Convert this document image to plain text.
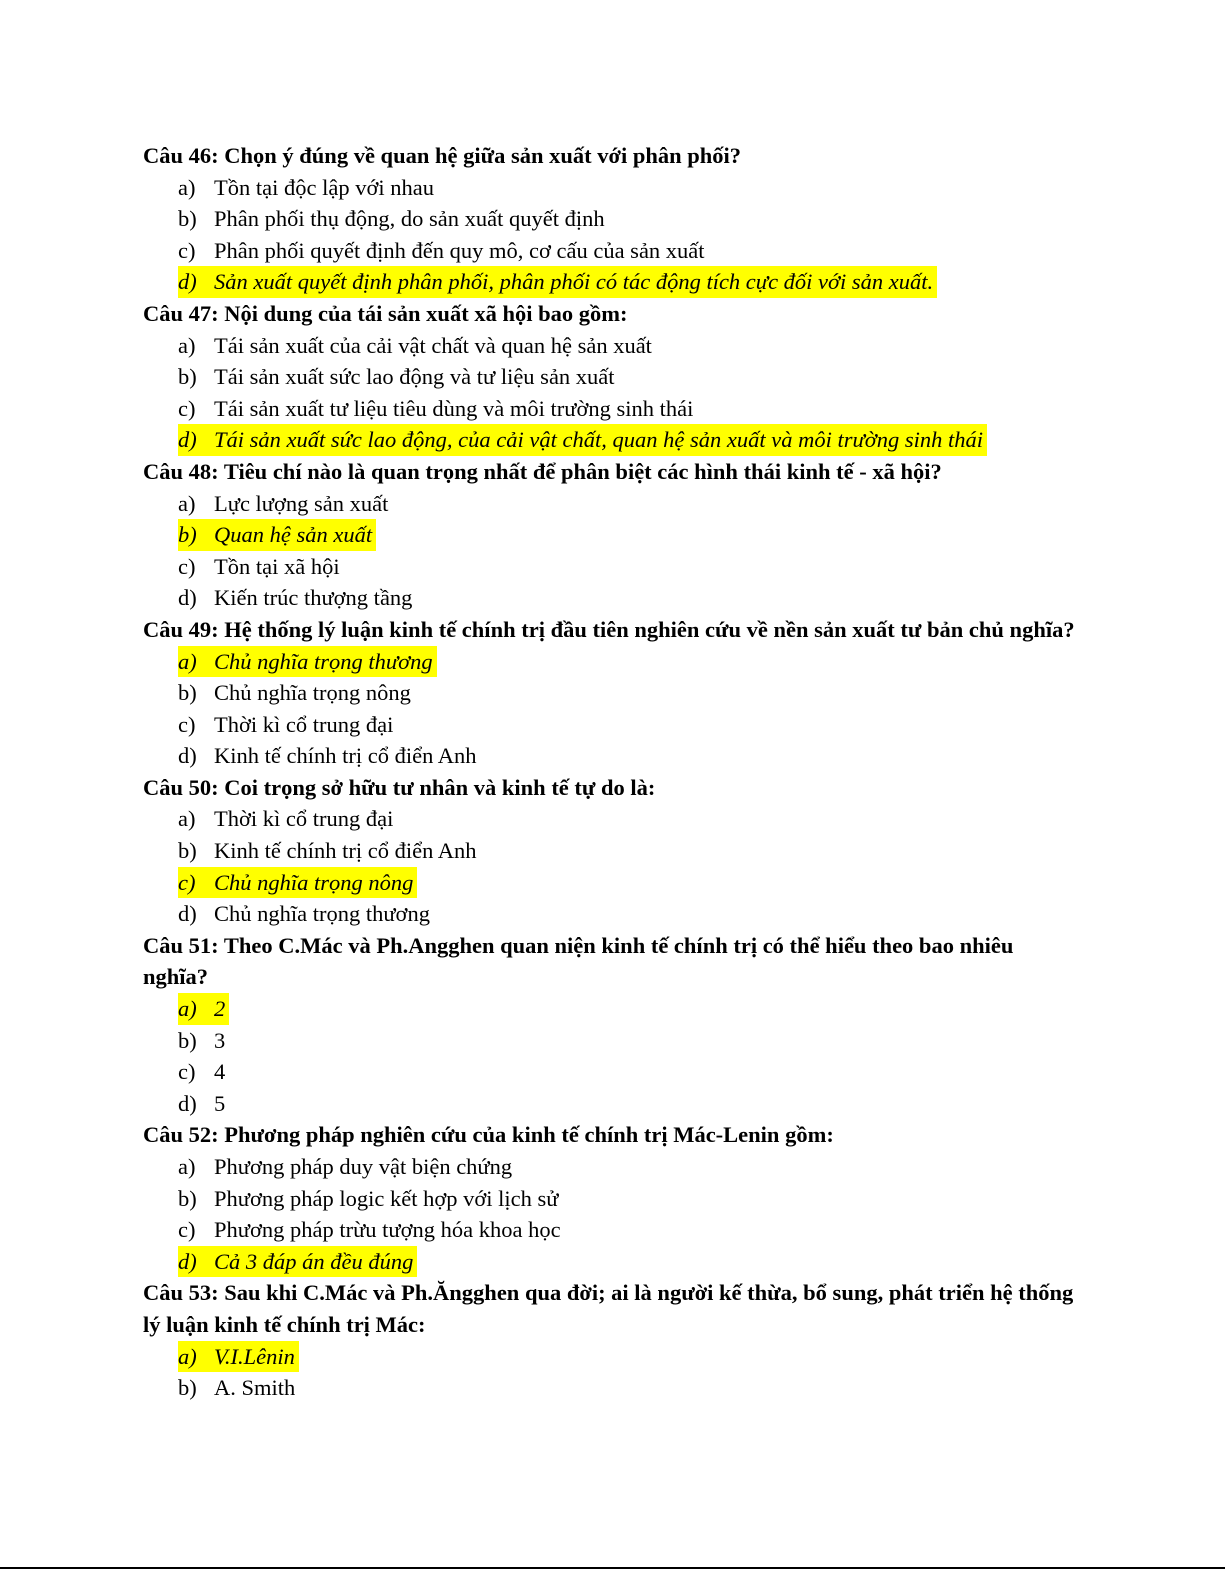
Câu 46: Chọn ý đúng về quan hệ giữa sản xuất với phân phối?

a) Tồn tại độc lập với nhau
b) Phân phối thụ động, do sản xuất quyết định
c) Phân phối quyết định đến quy mô, cơ cấu của sản xuất
d) Sản xuất quyết định phân phối, phân phối có tác động tích cực đối với sản xuất.

Câu 47: Nội dung của tái sản xuất xã hội bao gồm:

a) Tái sản xuất của cải vật chất và quan hệ sản xuất
b) Tái sản xuất sức lao động và tư liệu sản xuất
c) Tái sản xuất tư liệu tiêu dùng và môi trường sinh thái
d) Tái sản xuất sức lao động, của cải vật chất, quan hệ sản xuất và môi trường sinh thái

Câu 48: Tiêu chí nào là quan trọng nhất để phân biệt các hình thái kinh tế - xã hội?

a) Lực lượng sản xuất
b) Quan hệ sản xuất
c) Tồn tại xã hội
d) Kiến trúc thượng tầng

Câu 49: Hệ thống lý luận kinh tế chính trị đầu tiên nghiên cứu về nền sản xuất tư bản chủ nghĩa?

a) Chủ nghĩa trọng thương
b) Chủ nghĩa trọng nông
c) Thời kì cổ trung đại
d) Kinh tế chính trị cổ điển Anh

Câu 50: Coi trọng sở hữu tư nhân và kinh tế tự do là:

a) Thời kì cổ trung đại
b) Kinh tế chính trị cổ điển Anh
c) Chủ nghĩa trọng nông
d) Chủ nghĩa trọng thương

Câu 51: Theo C.Mác và Ph.Angghen quan niện kinh tế chính trị có thể hiểu theo bao nhiêu nghĩa?

a) 2
b) 3
c) 4
d) 5

Câu 52: Phương pháp nghiên cứu của kinh tế chính trị Mác-Lenin gồm:

a) Phương pháp duy vật biện chứng
b) Phương pháp logic kết hợp với lịch sử
c) Phương pháp trừu tượng hóa khoa học
d) Cả 3 đáp án đều đúng

Câu 53: Sau khi C.Mác và Ph.Ăngghen qua đời; ai là người kế thừa, bổ sung, phát triển hệ thống lý luận kinh tế chính trị Mác:

a) V.I.Lênin
b) A. Smith
